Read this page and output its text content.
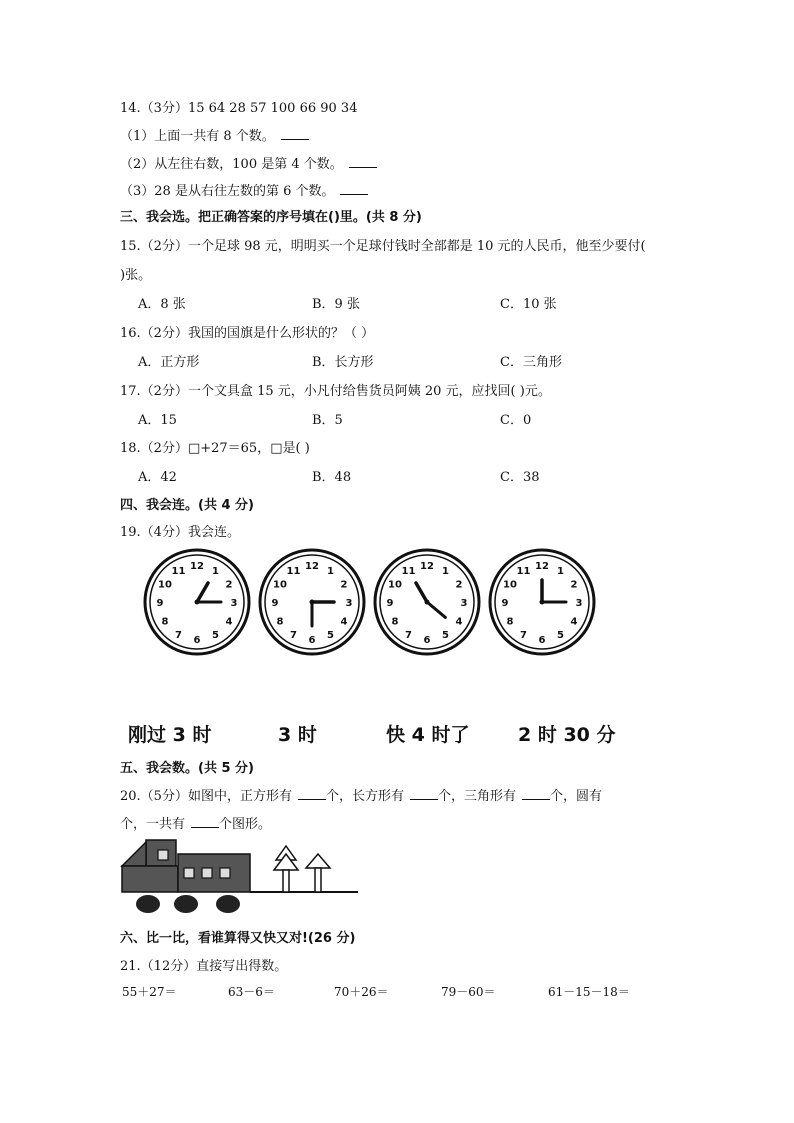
14.（3分）15 64 28 57 100 66 90 34
（1）上面一共有 8 个数。
（2）从左往右数，100 是第 4 个数。
（3）28 是从右往左数的第 6 个数。
三、我会选。把正确答案的序号填在()里。(共 8 分)
15.（2分）一个足球 98 元，明明买一个足球付钱时全部都是 10 元的人民币，他至少要付(
)张。
A．8 张	B．9 张	C．10 张
16.（2分）我国的国旗是什么形状的？（ ）
A．正方形	B．长方形	C．三角形
17.（2分）一个文具盒 15 元，小凡付给售货员阿姨 20 元，应找回( )元。
A．15	B．5	C．0
18.（2分）□+27＝65，□是( )
A．42	B．48	C．38
四、我会连。(共 4 分)
19.（4分）我会连。
12 1
2
3
4
5
6
7
8
9
10
11	12 1
2
3
4
5
6
7
8
9
10
11	12 1
2
3
4
5
6
7
8
9
10
11	12 1
2
3
4
5
6
7
8
9
10
11
刚过 3 时	3 时	快 4 时了	2 时 30 分
五、我会数。(共 5 分)
20.（5分）如图中，正方形有	个，长方形有	个，三角形有	个，圆有
个，一共有	个图形。
六、比一比，看谁算得又快又对!(26 分)
21.（12分）直接写出得数。
55＋27＝	63－6＝	70＋26＝	79－60＝	61－15－18＝
